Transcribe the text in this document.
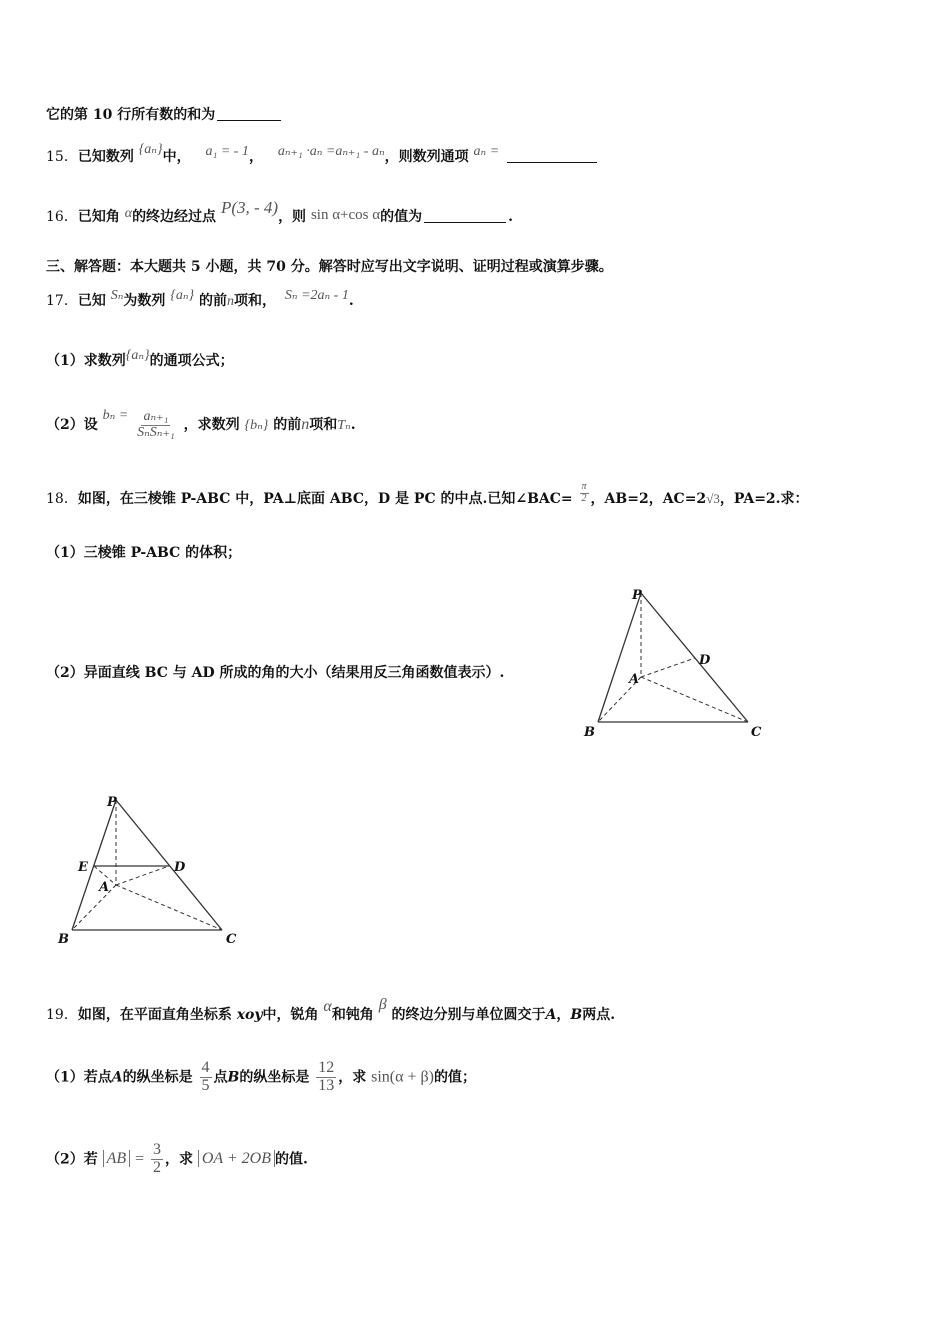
它的第 10 行所有数的和为
15．已知数列 {aₙ}中， a₁ = - 1， aₙ₊₁ ·aₙ =aₙ₊₁ - aₙ，则数列通项 aₙ =
16．已知角 α的终边经过点 P(3, - 4)，则 sin α+cos α的值为	.
三、解答题：本大题共 5 小题，共 70 分。解答时应写出文字说明、证明过程或演算步骤。
17．已知 Sₙ为数列 {aₙ} 的前n项和， Sₙ =2aₙ - 1.
（1）求数列{aₙ}的通项公式；
（2）设 $b_n = \frac{\text{aₙ₊₁}}{\text{SₙSₙ₊₁}}$ ，求数列 {bₙ} 的前n项和Tₙ.
18．如图，在三棱锥 P-ABC 中，PA⊥底面 ABC，D 是 PC 的中点.已知∠BAC= $\frac{\pi}{2}$ ，AB=2，AC=2√3，PA=2.求：
（1）三棱锥 P-ABC 的体积；
（2）异面直线 BC 与 AD 所成的角的大小（结果用反三角函数值表示）.
P
D
A
B	C
P
E	D
A
B	C
19．如图，在平面直角坐标系 xoy中，锐角 α和钝角 β 的终边分别与单位圆交于A，B两点.
（1）若点A的纵坐标是 $\frac{4}{5}$ 点B的纵坐标是 $\frac{12}{13}$ ，求 sin(α + β)的值；
（2）若 AB = $\frac{3}{2}$ ，求 OA + 2OB 的值.
